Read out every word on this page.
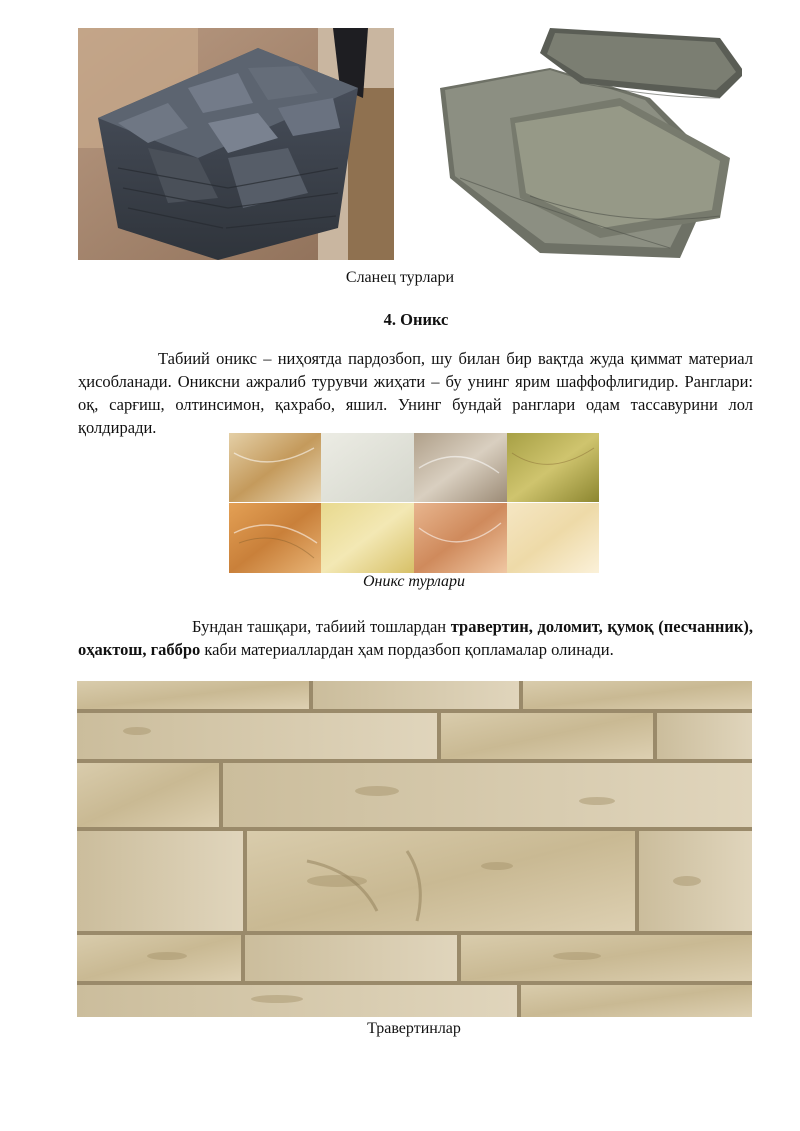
Сланец турлари
4. Оникс
Табиий оникс – ниҳоятда пардозбоп, шу билан бир вақтда жуда қиммат материал ҳисобланади. Ониксни ажралиб турувчи жиҳати – бу унинг ярим шаффофлигидир. Ранглари: оқ, сарғиш, олтинсимон, қахрабо, яшил. Унинг бундай ранглари одам тассавурини лол қолдиради.
Оникс турлари
Бундан ташқари, табиий тошлардан травертин, доломит, қумоқ (песчанник), оҳактош, габбро каби материаллардан ҳам пордазбоп қопламалар олинади.
Травертинлар
